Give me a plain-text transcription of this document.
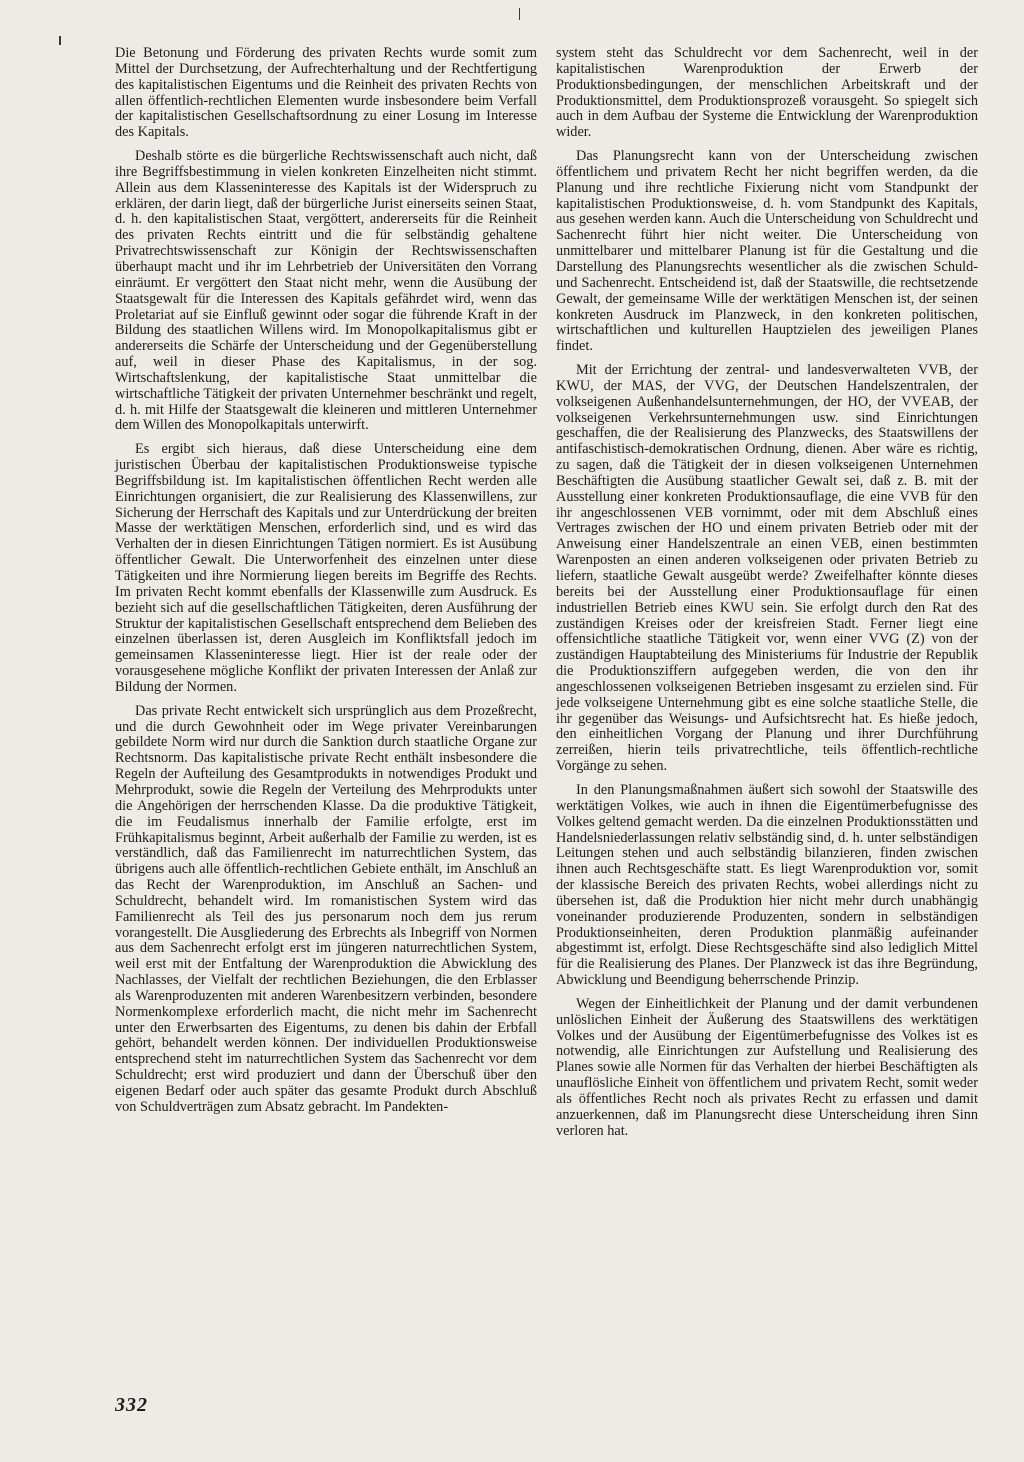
Die Betonung und Förderung des privaten Rechts wurde somit zum Mittel der Durchsetzung, der Aufrechterhaltung und der Rechtfertigung des kapitalistischen Eigentums und die Reinheit des privaten Rechts von allen öffentlich-rechtlichen Elementen wurde insbesondere beim Verfall der kapitalistischen Gesellschaftsordnung zu einer Losung im Interesse des Kapitals.

Deshalb störte es die bürgerliche Rechtswissenschaft auch nicht, daß ihre Begriffsbestimmung in vielen konkreten Einzelheiten nicht stimmt. Allein aus dem Klasseninteresse des Kapitals ist der Widerspruch zu erklären, der darin liegt, daß der bürgerliche Jurist einerseits seinen Staat, d. h. den kapitalistischen Staat, vergöttert, andererseits für die Reinheit des privaten Rechts eintritt und die für selbständig gehaltene Privatrechtswissenschaft zur Königin der Rechtswissenschaften überhaupt macht und ihr im Lehrbetrieb der Universitäten den Vorrang einräumt. Er vergöttert den Staat nicht mehr, wenn die Ausübung der Staatsgewalt für die Interessen des Kapitals gefährdet wird, wenn das Proletariat auf sie Einfluß gewinnt oder sogar die führende Kraft in der Bildung des staatlichen Willens wird. Im Monopolkapitalismus gibt er andererseits die Schärfe der Unterscheidung und der Gegenüberstellung auf, weil in dieser Phase des Kapitalismus, in der sog. Wirtschaftslenkung, der kapitalistische Staat unmittelbar die wirtschaftliche Tätigkeit der privaten Unternehmer beschränkt und regelt, d. h. mit Hilfe der Staatsgewalt die kleineren und mittleren Unternehmer dem Willen des Monopolkapitals unterwirft.

Es ergibt sich hieraus, daß diese Unterscheidung eine dem juristischen Überbau der kapitalistischen Produktionsweise typische Begriffsbildung ist. Im kapitalistischen öffentlichen Recht werden alle Einrichtungen organisiert, die zur Realisierung des Klassenwillens, zur Sicherung der Herrschaft des Kapitals und zur Unterdrückung der breiten Masse der werktätigen Menschen, erforderlich sind, und es wird das Verhalten der in diesen Einrichtungen Tätigen normiert. Es ist Ausübung öffentlicher Gewalt. Die Unterworfenheit des einzelnen unter diese Tätigkeiten und ihre Normierung liegen bereits im Begriffe des Rechts. Im privaten Recht kommt ebenfalls der Klassenwille zum Ausdruck. Es bezieht sich auf die gesellschaftlichen Tätigkeiten, deren Ausführung der Struktur der kapitalistischen Gesellschaft entsprechend dem Belieben des einzelnen überlassen ist, deren Ausgleich im Konfliktsfall jedoch im gemeinsamen Klasseninteresse liegt. Hier ist der reale oder der vorausgesehene mögliche Konflikt der privaten Interessen der Anlaß zur Bildung der Normen.

Das private Recht entwickelt sich ursprünglich aus dem Prozeßrecht, und die durch Gewohnheit oder im Wege privater Vereinbarungen gebildete Norm wird nur durch die Sanktion durch staatliche Organe zur Rechtsnorm. Das kapitalistische private Recht enthält insbesondere die Regeln der Aufteilung des Gesamtprodukts in notwendiges Produkt und Mehrprodukt, sowie die Regeln der Verteilung des Mehrprodukts unter die Angehörigen der herrschenden Klasse. Da die produktive Tätigkeit, die im Feudalismus innerhalb der Familie erfolgte, erst im Frühkapitalismus beginnt, Arbeit außerhalb der Familie zu werden, ist es verständlich, daß das Familienrecht im naturrechtlichen System, das übrigens auch alle öffentlich-rechtlichen Gebiete enthält, im Anschluß an das Recht der Warenproduktion, im Anschluß an Sachen- und Schuldrecht, behandelt wird. Im romanistischen System wird das Familienrecht als Teil des jus personarum noch dem jus rerum vorangestellt. Die Ausgliederung des Erbrechts als Inbegriff von Normen aus dem Sachenrecht erfolgt erst im jüngeren naturrechtlichen System, weil erst mit der Entfaltung der Warenproduktion die Abwicklung des Nachlasses, der Vielfalt der rechtlichen Beziehungen, die den Erblasser als Warenproduzenten mit anderen Warenbesitzern verbinden, besondere Normenkomplexe erforderlich macht, die nicht mehr im Sachenrecht unter den Erwerbsarten des Eigentums, zu denen bis dahin der Erbfall gehört, behandelt werden können. Der individuellen Produktionsweise entsprechend steht im naturrechtlichen System das Sachenrecht vor dem Schuldrecht; erst wird produziert und dann der Überschuß über den eigenen Bedarf oder auch später das gesamte Produkt durch Abschluß von Schuldverträgen zum Absatz gebracht. Im Pandekten-

system steht das Schuldrecht vor dem Sachenrecht, weil in der kapitalistischen Warenproduktion der Erwerb der Produktionsbedingungen, der menschlichen Arbeitskraft und der Produktionsmittel, dem Produktionsprozeß vorausgeht. So spiegelt sich auch in dem Aufbau der Systeme die Entwicklung der Warenproduktion wider.

Das Planungsrecht kann von der Unterscheidung zwischen öffentlichem und privatem Recht her nicht begriffen werden, da die Planung und ihre rechtliche Fixierung nicht vom Standpunkt der kapitalistischen Produktionsweise, d. h. vom Standpunkt des Kapitals, aus gesehen werden kann. Auch die Unterscheidung von Schuldrecht und Sachenrecht führt hier nicht weiter. Die Unterscheidung von unmittelbarer und mittelbarer Planung ist für die Gestaltung und die Darstellung des Planungsrechts wesentlicher als die zwischen Schuld- und Sachenrecht. Entscheidend ist, daß der Staatswille, die rechtsetzende Gewalt, der gemeinsame Wille der werktätigen Menschen ist, der seinen konkreten Ausdruck im Planzweck, in den konkreten politischen, wirtschaftlichen und kulturellen Hauptzielen des jeweiligen Planes findet.

Mit der Errichtung der zentral- und landesverwalteten VVB, der KWU, der MAS, der VVG, der Deutschen Handelszentralen, der volkseigenen Außenhandelsunternehmungen, der HO, der VVEAB, der volkseigenen Verkehrsunternehmungen usw. sind Einrichtungen geschaffen, die der Realisierung des Planzwecks, des Staatswillens der antifaschistisch-demokratischen Ordnung, dienen. Aber wäre es richtig, zu sagen, daß die Tätigkeit der in diesen volkseigenen Unternehmen Beschäftigten die Ausübung staatlicher Gewalt sei, daß z. B. mit der Ausstellung einer konkreten Produktionsauflage, die eine VVB für den ihr angeschlossenen VEB vornimmt, oder mit dem Abschluß eines Vertrages zwischen der HO und einem privaten Betrieb oder mit der Anweisung einer Handelszentrale an einen VEB, einen bestimmten Warenposten an einen anderen volkseigenen oder privaten Betrieb zu liefern, staatliche Gewalt ausgeübt werde? Zweifelhafter könnte dieses bereits bei der Ausstellung einer Produktionsauflage für einen industriellen Betrieb eines KWU sein. Sie erfolgt durch den Rat des zuständigen Kreises oder der kreisfreien Stadt. Ferner liegt eine offensichtliche staatliche Tätigkeit vor, wenn einer VVG (Z) von der zuständigen Hauptabteilung des Ministeriums für Industrie der Republik die Produktionsziffern aufgegeben werden, die von den ihr angeschlossenen volkseigenen Betrieben insgesamt zu erzielen sind. Für jede volkseigene Unternehmung gibt es eine solche staatliche Stelle, die ihr gegenüber das Weisungs- und Aufsichtsrecht hat. Es hieße jedoch, den einheitlichen Vorgang der Planung und ihrer Durchführung zerreißen, hierin teils privatrechtliche, teils öffentlich-rechtliche Vorgänge zu sehen.

In den Planungsmaßnahmen äußert sich sowohl der Staatswille des werktätigen Volkes, wie auch in ihnen die Eigentümerbefugnisse des Volkes geltend gemacht werden. Da die einzelnen Produktionsstätten und Handelsniederlassungen relativ selbständig sind, d. h. unter selbständigen Leitungen stehen und auch selbständig bilanzieren, finden zwischen ihnen auch Rechtsgeschäfte statt. Es liegt Warenproduktion vor, somit der klassische Bereich des privaten Rechts, wobei allerdings nicht zu übersehen ist, daß die Produktion hier nicht mehr durch unabhängig voneinander produzierende Produzenten, sondern in selbständigen Produktionseinheiten, deren Produktion planmäßig aufeinander abgestimmt ist, erfolgt. Diese Rechtsgeschäfte sind also lediglich Mittel für die Realisierung des Planes. Der Planzweck ist das ihre Begründung, Abwicklung und Beendigung beherrschende Prinzip.

Wegen der Einheitlichkeit der Planung und der damit verbundenen unlöslichen Einheit der Äußerung des Staatswillens des werktätigen Volkes und der Ausübung der Eigentümerbefugnisse des Volkes ist es notwendig, alle Einrichtungen zur Aufstellung und Realisierung des Planes sowie alle Normen für das Verhalten der hierbei Beschäftigten als unauflösliche Einheit von öffentlichem und privatem Recht, somit weder als öffentliches Recht noch als privates Recht zu erfassen und damit anzuerkennen, daß im Planungsrecht diese Unterscheidung ihren Sinn verloren hat.

332
